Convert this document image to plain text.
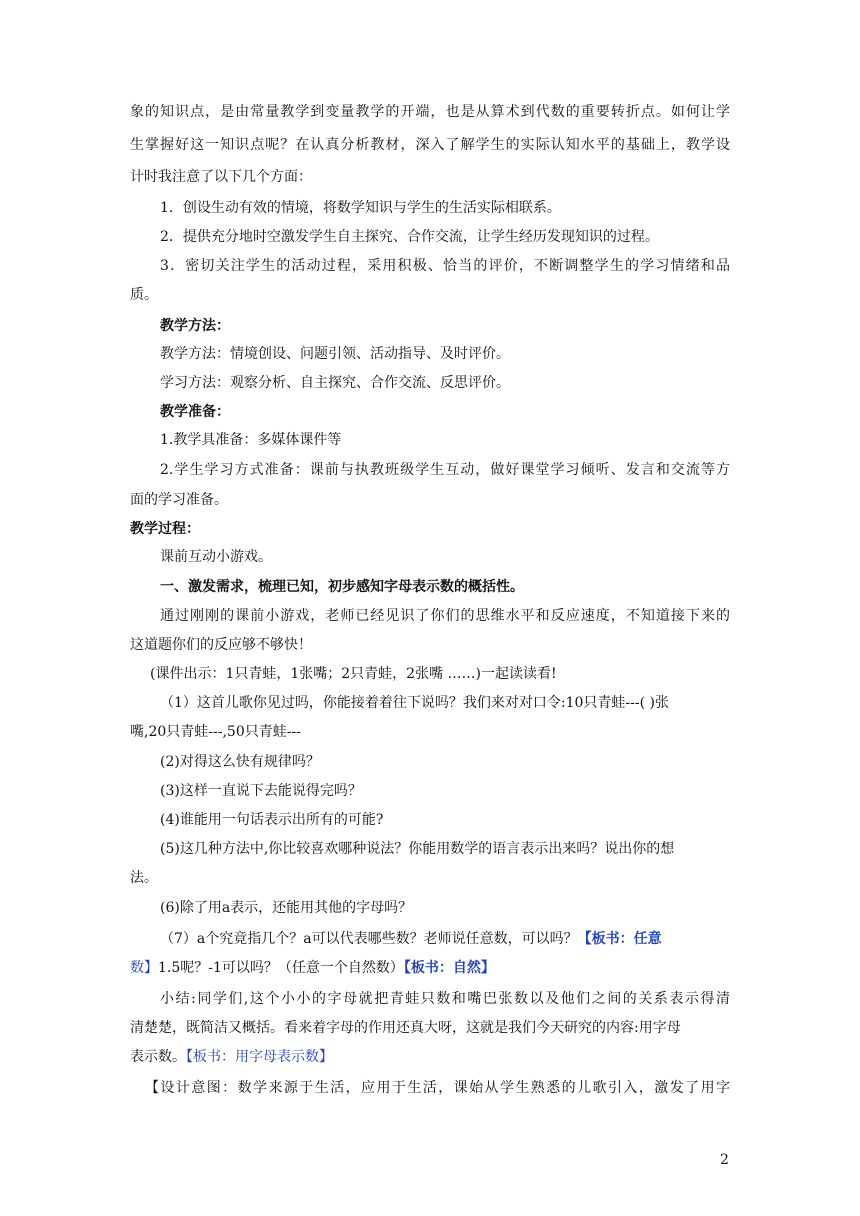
象的知识点，是由常量教学到变量教学的开端，也是从算术到代数的重要转折点。如何让学

生掌握好这一知识点呢？在认真分析教材，深入了解学生的实际认知水平的基础上，教学设

计时我注意了以下几个方面：

1．创设生动有效的情境，将数学知识与学生的生活实际相联系。

2．提供充分地时空激发学生自主探究、合作交流，让学生经历发现知识的过程。

3．密切关注学生的活动过程，采用积极、恰当的评价，不断调整学生的学习情绪和品

质。

教学方法：

教学方法：情境创设、问题引领、活动指导、及时评价。

学习方法：观察分析、自主探究、合作交流、反思评价。

教学准备：

1.教学具准备：多媒体课件等

2.学生学习方式准备：课前与执教班级学生互动，做好课堂学习倾听、发言和交流等方

面的学习准备。

教学过程：

课前互动小游戏。

一、激发需求，梳理已知，初步感知字母表示数的概括性。

通过刚刚的课前小游戏，老师已经见识了你们的思维水平和反应速度，不知道接下来的

这道题你们的反应够不够快！

(课件出示：1只青蛙，1张嘴；2只青蛙，2张嘴 ……)一起读读看!

（1）这首儿歌你见过吗，你能接着着往下说吗？我们来对对口令:10只青蛙---( )张

嘴,20只青蛙---,50只青蛙---

(2)对得这么快有规律吗？

(3)这样一直说下去能说得完吗？

(4)谁能用一句话表示出所有的可能?

(5)这几种方法中,你比较喜欢哪种说法？你能用数学的语言表示出来吗？说出你的想

法。

(6)除了用a表示，还能用其他的字母吗？

（7）a个究竟指几个？a可以代表哪些数？老师说任意数，可以吗？【板书：任意

数】1.5呢？-1可以吗？（任意一个自然数）【板书：自然】

小结:同学们,这个小小的字母就把青蛙只数和嘴巴张数以及他们之间的关系表示得清

清楚楚，既简洁又概括。看来着字母的作用还真大呀，这就是我们今天研究的内容:用字母

表示数。【板书：用字母表示数】

【设计意图：数学来源于生活，应用于生活，课始从学生熟悉的儿歌引入，激发了用字

2
